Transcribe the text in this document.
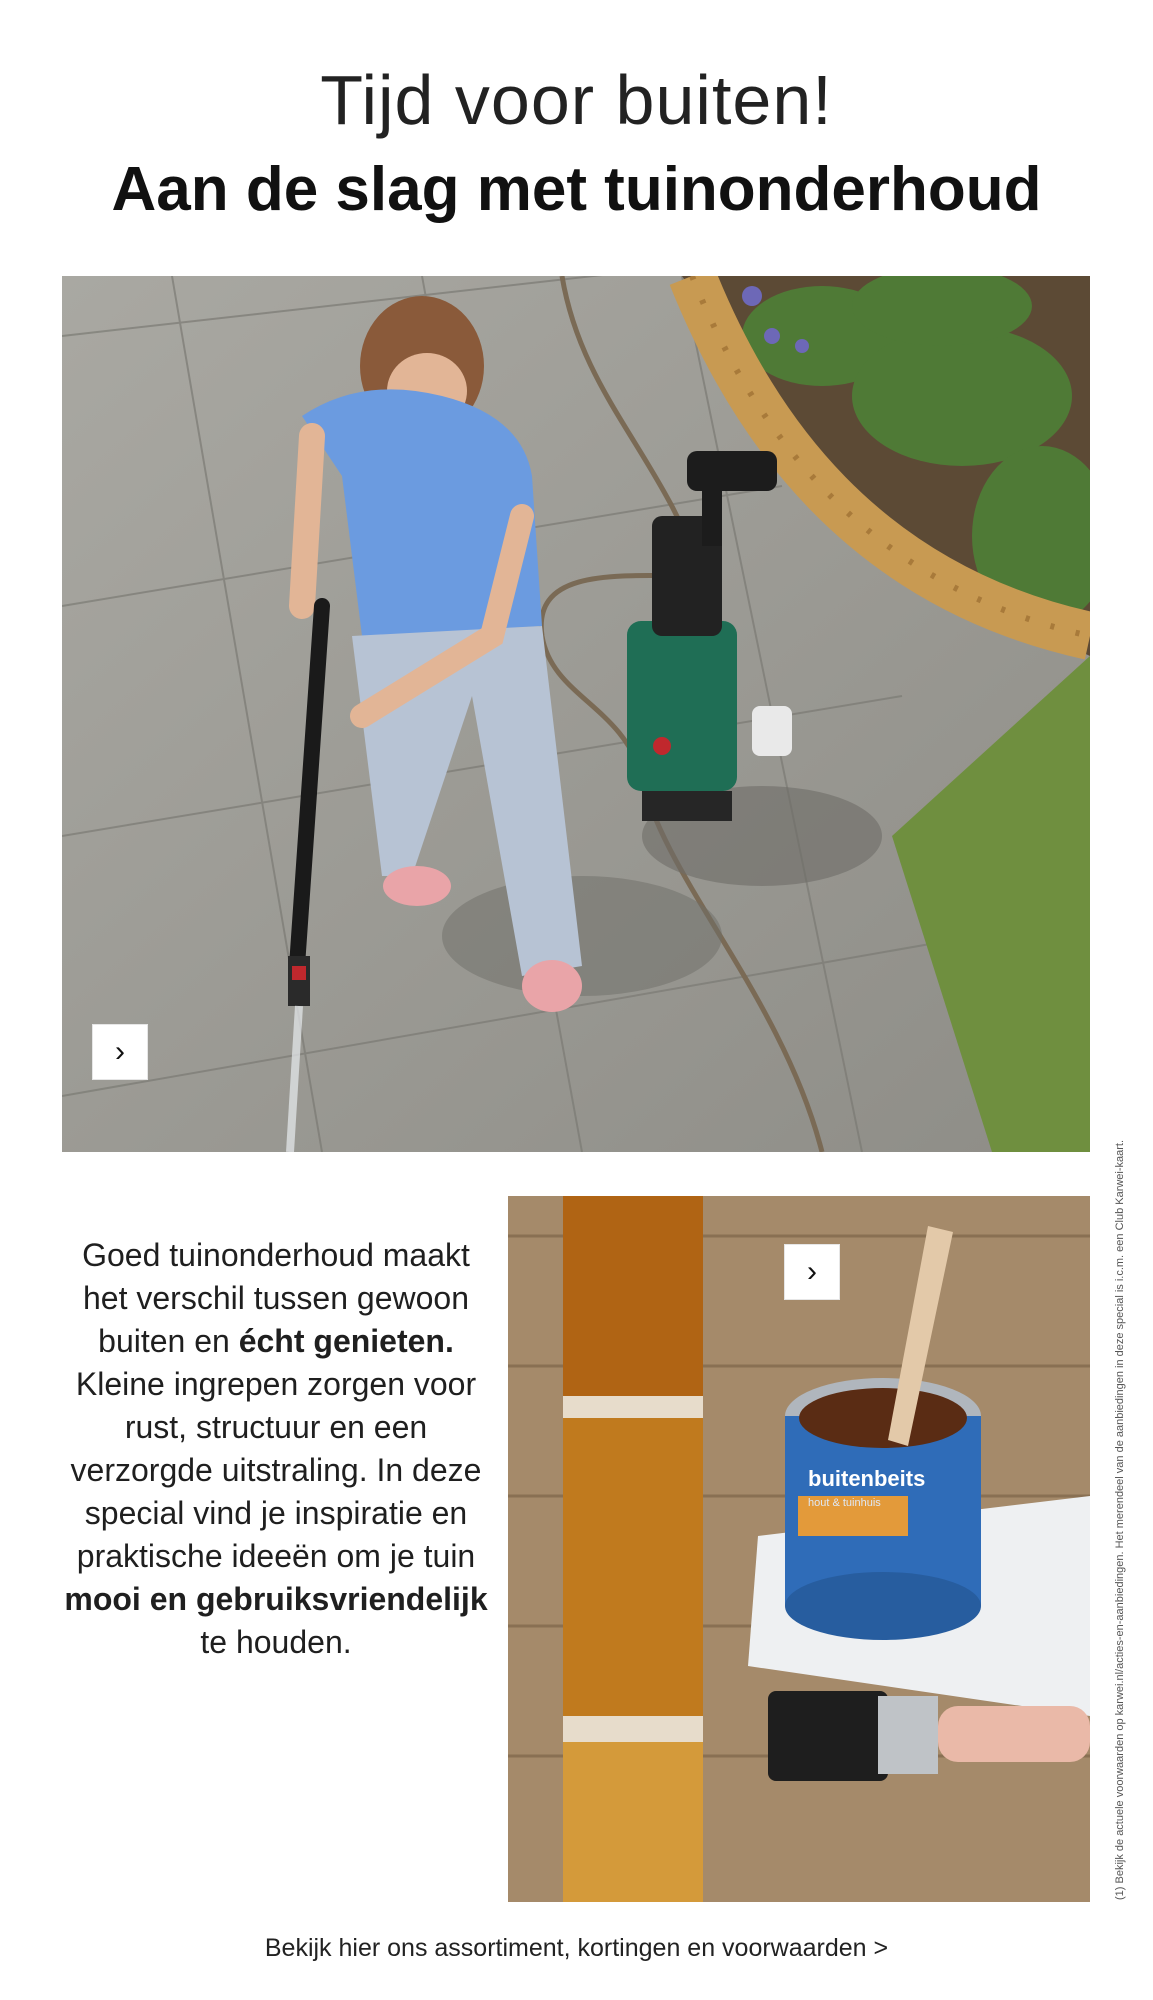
Tijd voor buiten!
Aan de slag met tuinonderhoud
›
Goed tuinonderhoud maakt het verschil tussen gewoon buiten en écht genieten. Kleine ingrepen zorgen voor rust, structuur en een verzorgde uitstraling. In deze special vind je inspiratie en praktische ideeën om je tuin mooi en gebruiksvriendelijk te houden.
buitenbeits
hout & tuinhuis
›	(1) Bekijk de actuele voorwaarden op karwei.nl/acties-en-aanbiedingen. Het merendeel van de aanbiedingen in deze special is i.c.m. een Club Karwei-kaart.
Bekijk hier ons assortiment, kortingen en voorwaarden >
